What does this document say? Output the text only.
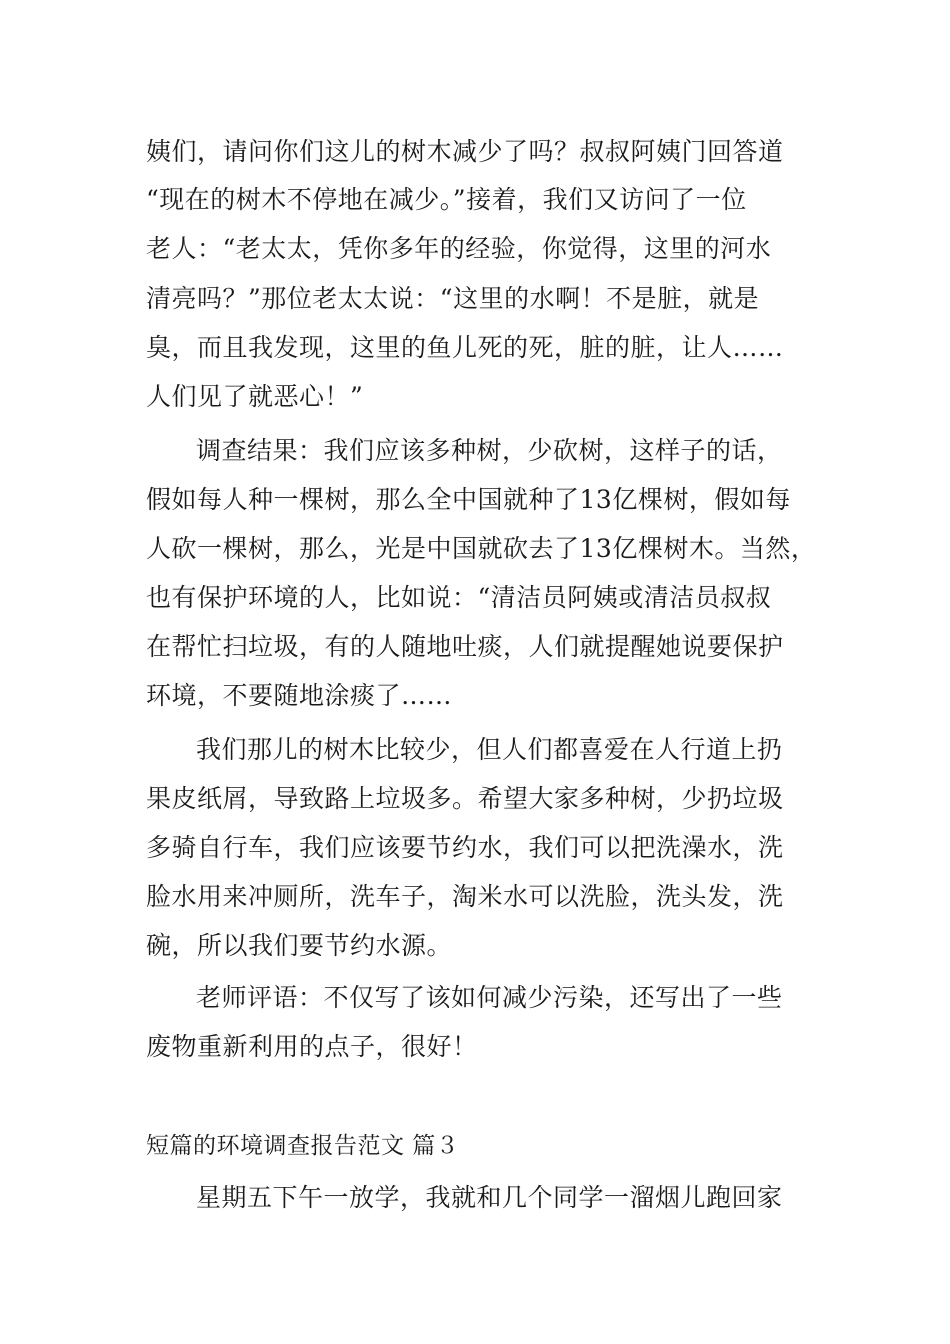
姨们，请问你们这儿的树木减少了吗？叔叔阿姨门回答道
“现在的树木不停地在减少。”接着，我们又访问了一位
老人：“老太太，凭你多年的经验，你觉得，这里的河水
清亮吗？”那位老太太说：“这里的水啊！不是脏，就是
臭，而且我发现，这里的鱼儿死的死，脏的脏，让人……
人们见了就恶心！”
调查结果：我们应该多种树，少砍树，这样子的话，
假如每人种一棵树，那么全中国就种了13亿棵树，假如每
人砍一棵树，那么，光是中国就砍去了13亿棵树木。当然，
也有保护环境的人，比如说：“清洁员阿姨或清洁员叔叔
在帮忙扫垃圾，有的人随地吐痰，人们就提醒她说要保护
环境，不要随地涂痰了……
我们那儿的树木比较少，但人们都喜爱在人行道上扔
果皮纸屑，导致路上垃圾多。希望大家多种树，少扔垃圾
多骑自行车，我们应该要节约水，我们可以把洗澡水，洗
脸水用来冲厕所，洗车子，淘米水可以洗脸，洗头发，洗
碗，所以我们要节约水源。
老师评语：不仅写了该如何减少污染，还写出了一些
废物重新利用的点子，很好！
短篇的环境调查报告范文 篇３
星期五下午一放学，我就和几个同学一溜烟儿跑回家
